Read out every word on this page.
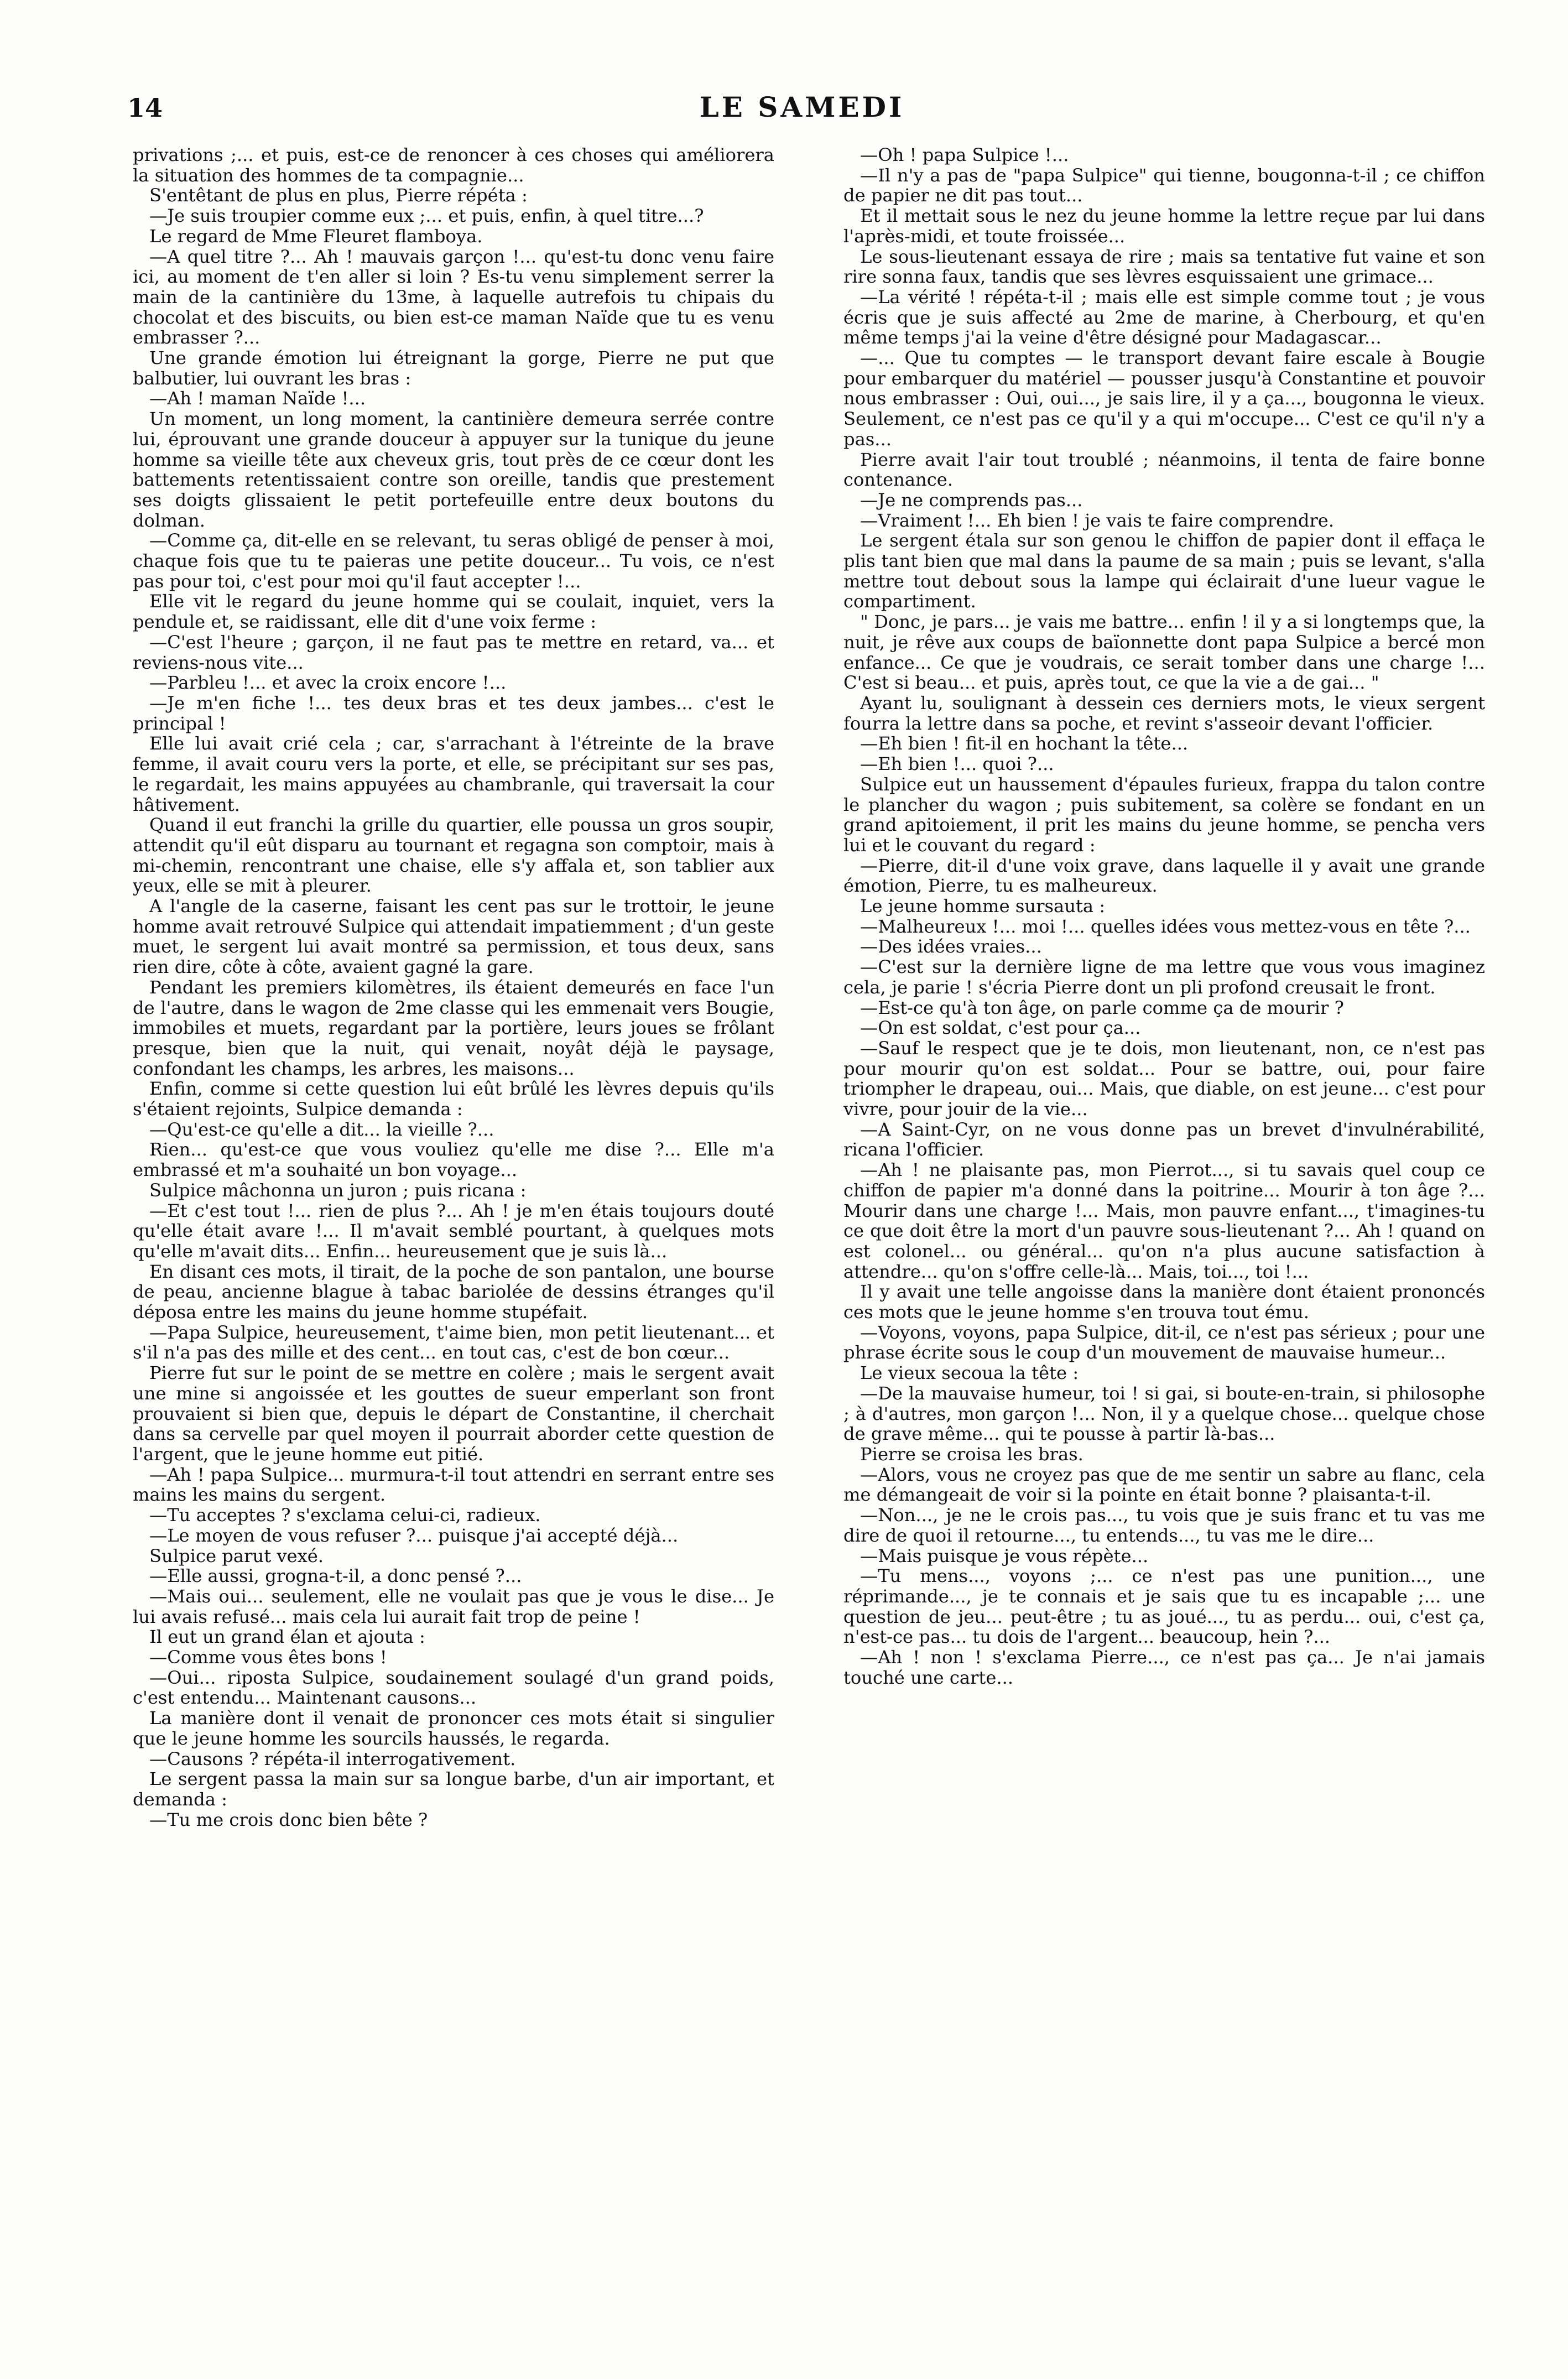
14	LE SAMEDI

privations ;... et puis, est-ce de renoncer à ces choses qui améliorera la situation des hommes de ta compagnie...

S'entêtant de plus en plus, Pierre répéta :

—Je suis troupier comme eux ;... et puis, enfin, à quel titre...?

Le regard de Mme Fleuret flamboya.

—A quel titre ?... Ah ! mauvais garçon !... qu'est-tu donc venu faire ici, au moment de t'en aller si loin ? Es-tu venu simplement serrer la main de la cantinière du 13me, à laquelle autrefois tu chipais du chocolat et des biscuits, ou bien est-ce maman Naïde que tu es venu embrasser ?...

Une grande émotion lui étreignant la gorge, Pierre ne put que balbutier, lui ouvrant les bras :

—Ah ! maman Naïde !...

Un moment, un long moment, la cantinière demeura serrée contre lui, éprouvant une grande douceur à appuyer sur la tunique du jeune homme sa vieille tête aux cheveux gris, tout près de ce cœur dont les battements retentissaient contre son oreille, tandis que prestement ses doigts glissaient le petit portefeuille entre deux boutons du dolman.

—Comme ça, dit-elle en se relevant, tu seras obligé de penser à moi, chaque fois que tu te paieras une petite douceur... Tu vois, ce n'est pas pour toi, c'est pour moi qu'il faut accepter !...

Elle vit le regard du jeune homme qui se coulait, inquiet, vers la pendule et, se raidissant, elle dit d'une voix ferme :

—C'est l'heure ; garçon, il ne faut pas te mettre en retard, va... et reviens-nous vite...

—Parbleu !... et avec la croix encore !...

—Je m'en fiche !... tes deux bras et tes deux jambes... c'est le principal !

Elle lui avait crié cela ; car, s'arrachant à l'étreinte de la brave femme, il avait couru vers la porte, et elle, se précipitant sur ses pas, le regardait, les mains appuyées au chambranle, qui traversait la cour hâtivement.

Quand il eut franchi la grille du quartier, elle poussa un gros soupir, attendit qu'il eût disparu au tournant et regagna son comptoir, mais à mi-chemin, rencontrant une chaise, elle s'y affala et, son tablier aux yeux, elle se mit à pleurer.

A l'angle de la caserne, faisant les cent pas sur le trottoir, le jeune homme avait retrouvé Sulpice qui attendait impatiemment ; d'un geste muet, le sergent lui avait montré sa permission, et tous deux, sans rien dire, côte à côte, avaient gagné la gare.

Pendant les premiers kilomètres, ils étaient demeurés en face l'un de l'autre, dans le wagon de 2me classe qui les emmenait vers Bougie, immobiles et muets, regardant par la portière, leurs joues se frôlant presque, bien que la nuit, qui venait, noyât déjà le paysage, confondant les champs, les arbres, les maisons...

Enfin, comme si cette question lui eût brûlé les lèvres depuis qu'ils s'étaient rejoints, Sulpice demanda :

—Qu'est-ce qu'elle a dit... la vieille ?...

Rien... qu'est-ce que vous vouliez qu'elle me dise ?... Elle m'a embrassé et m'a souhaité un bon voyage...

Sulpice mâchonna un juron ; puis ricana :

—Et c'est tout !... rien de plus ?... Ah ! je m'en étais toujours douté qu'elle était avare !... Il m'avait semblé pourtant, à quelques mots qu'elle m'avait dits... Enfin... heureusement que je suis là...

En disant ces mots, il tirait, de la poche de son pantalon, une bourse de peau, ancienne blague à tabac bariolée de dessins étranges qu'il déposa entre les mains du jeune homme stupéfait.

—Papa Sulpice, heureusement, t'aime bien, mon petit lieutenant... et s'il n'a pas des mille et des cent... en tout cas, c'est de bon cœur...

Pierre fut sur le point de se mettre en colère ; mais le sergent avait une mine si angoissée et les gouttes de sueur emperlant son front prouvaient si bien que, depuis le départ de Constantine, il cherchait dans sa cervelle par quel moyen il pourrait aborder cette question de l'argent, que le jeune homme eut pitié.

—Ah ! papa Sulpice... murmura-t-il tout attendri en serrant entre ses mains les mains du sergent.

—Tu acceptes ? s'exclama celui-ci, radieux.

—Le moyen de vous refuser ?... puisque j'ai accepté déjà...

Sulpice parut vexé.

—Elle aussi, grogna-t-il, a donc pensé ?...

—Mais oui... seulement, elle ne voulait pas que je vous le dise... Je lui avais refusé... mais cela lui aurait fait trop de peine !

Il eut un grand élan et ajouta :

—Comme vous êtes bons !

—Oui... riposta Sulpice, soudainement soulagé d'un grand poids, c'est entendu... Maintenant causons...

La manière dont il venait de prononcer ces mots était si singulier que le jeune homme les sourcils haussés, le regarda.

—Causons ? répéta-il interrogativement.

Le sergent passa la main sur sa longue barbe, d'un air important, et demanda :

—Tu me crois donc bien bête ?

—Oh ! papa Sulpice !...

—Il n'y a pas de "papa Sulpice" qui tienne, bougonna-t-il ; ce chiffon de papier ne dit pas tout...

Et il mettait sous le nez du jeune homme la lettre reçue par lui dans l'après-midi, et toute froissée...

Le sous-lieutenant essaya de rire ; mais sa tentative fut vaine et son rire sonna faux, tandis que ses lèvres esquissaient une grimace...

—La vérité ! répéta-t-il ; mais elle est simple comme tout ; je vous écris que je suis affecté au 2me de marine, à Cherbourg, et qu'en même temps j'ai la veine d'être désigné pour Madagascar...

—... Que tu comptes — le transport devant faire escale à Bougie pour embarquer du matériel — pousser jusqu'à Constantine et pouvoir nous embrasser : Oui, oui..., je sais lire, il y a ça..., bougonna le vieux. Seulement, ce n'est pas ce qu'il y a qui m'occupe... C'est ce qu'il n'y a pas...

Pierre avait l'air tout troublé ; néanmoins, il tenta de faire bonne contenance.

—Je ne comprends pas...

—Vraiment !... Eh bien ! je vais te faire comprendre.

Le sergent étala sur son genou le chiffon de papier dont il effaça le plis tant bien que mal dans la paume de sa main ; puis se levant, s'alla mettre tout debout sous la lampe qui éclairait d'une lueur vague le compartiment.

" Donc, je pars... je vais me battre... enfin ! il y a si longtemps que, la nuit, je rêve aux coups de baïonnette dont papa Sulpice a bercé mon enfance... Ce que je voudrais, ce serait tomber dans une charge !... C'est si beau... et puis, après tout, ce que la vie a de gai... "

Ayant lu, soulignant à dessein ces derniers mots, le vieux sergent fourra la lettre dans sa poche, et revint s'asseoir devant l'officier.

—Eh bien ! fit-il en hochant la tête...

—Eh bien !... quoi ?...

Sulpice eut un haussement d'épaules furieux, frappa du talon contre le plancher du wagon ; puis subitement, sa colère se fondant en un grand apitoiement, il prit les mains du jeune homme, se pencha vers lui et le couvant du regard :

—Pierre, dit-il d'une voix grave, dans laquelle il y avait une grande émotion, Pierre, tu es malheureux.

Le jeune homme sursauta :

—Malheureux !... moi !... quelles idées vous mettez-vous en tête ?...

—Des idées vraies...

—C'est sur la dernière ligne de ma lettre que vous vous imaginez cela, je parie ! s'écria Pierre dont un pli profond creusait le front.

—Est-ce qu'à ton âge, on parle comme ça de mourir ?

—On est soldat, c'est pour ça...

—Sauf le respect que je te dois, mon lieutenant, non, ce n'est pas pour mourir qu'on est soldat... Pour se battre, oui, pour faire triompher le drapeau, oui... Mais, que diable, on est jeune... c'est pour vivre, pour jouir de la vie...

—A Saint-Cyr, on ne vous donne pas un brevet d'invulnérabilité, ricana l'officier.

—Ah ! ne plaisante pas, mon Pierrot..., si tu savais quel coup ce chiffon de papier m'a donné dans la poitrine... Mourir à ton âge ?... Mourir dans une charge !... Mais, mon pauvre enfant..., t'imagines-tu ce que doit être la mort d'un pauvre sous-lieutenant ?... Ah ! quand on est colonel... ou général... qu'on n'a plus aucune satisfaction à attendre... qu'on s'offre celle-là... Mais, toi..., toi !...

Il y avait une telle angoisse dans la manière dont étaient prononcés ces mots que le jeune homme s'en trouva tout ému.

—Voyons, voyons, papa Sulpice, dit-il, ce n'est pas sérieux ; pour une phrase écrite sous le coup d'un mouvement de mauvaise humeur...

Le vieux secoua la tête :

—De la mauvaise humeur, toi ! si gai, si boute-en-train, si philosophe ; à d'autres, mon garçon !... Non, il y a quelque chose... quelque chose de grave même... qui te pousse à partir là-bas...

Pierre se croisa les bras.

—Alors, vous ne croyez pas que de me sentir un sabre au flanc, cela me démangeait de voir si la pointe en était bonne ? plaisanta-t-il.

—Non..., je ne le crois pas..., tu vois que je suis franc et tu vas me dire de quoi il retourne..., tu entends..., tu vas me le dire...

—Mais puisque je vous répète...

—Tu mens..., voyons ;... ce n'est pas une punition..., une réprimande..., je te connais et je sais que tu es incapable ;... une question de jeu... peut-être ; tu as joué..., tu as perdu... oui, c'est ça, n'est-ce pas... tu dois de l'argent... beaucoup, hein ?...

—Ah ! non ! s'exclama Pierre..., ce n'est pas ça... Je n'ai jamais touché une carte...
